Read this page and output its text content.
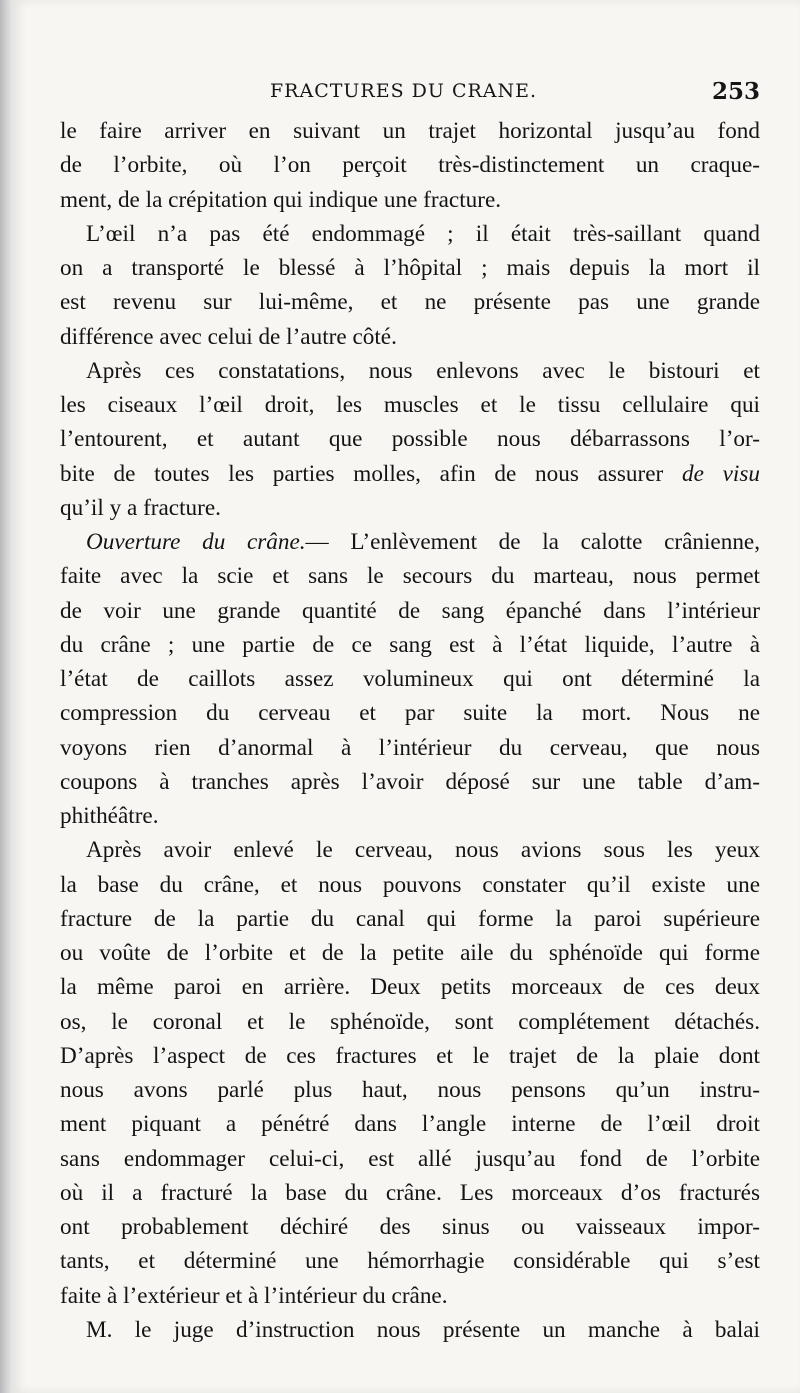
FRACTURES DU CRANE.	253

le faire arriver en suivant un trajet horizontal jusqu’au fond
de l’orbite, où l’on perçoit très-distinctement un craque-
ment, de la crépitation qui indique une fracture.

L’œil n’a pas été endommagé ; il était très-saillant quand
on a transporté le blessé à l’hôpital ; mais depuis la mort il
est revenu sur lui-même, et ne présente pas une grande
différence avec celui de l’autre côté.

Après ces constatations, nous enlevons avec le bistouri et
les ciseaux l’œil droit, les muscles et le tissu cellulaire qui
l’entourent, et autant que possible nous débarrassons l’or-
bite de toutes les parties molles, afin de nous assurer de visu
qu’il y a fracture.

Ouverture du crâne.— L’enlèvement de la calotte crânienne,
faite avec la scie et sans le secours du marteau, nous permet
de voir une grande quantité de sang épanché dans l’intérieur
du crâne ; une partie de ce sang est à l’état liquide, l’autre à
l’état de caillots assez volumineux qui ont déterminé la
compression du cerveau et par suite la mort. Nous ne
voyons rien d’anormal à l’intérieur du cerveau, que nous
coupons à tranches après l’avoir déposé sur une table d’am-
phithéâtre.

Après avoir enlevé le cerveau, nous avions sous les yeux
la base du crâne, et nous pouvons constater qu’il existe une
fracture de la partie du canal qui forme la paroi supérieure
ou voûte de l’orbite et de la petite aile du sphénoïde qui forme
la même paroi en arrière. Deux petits morceaux de ces deux
os, le coronal et le sphénoïde, sont complétement détachés.
D’après l’aspect de ces fractures et le trajet de la plaie dont
nous avons parlé plus haut, nous pensons qu’un instru-
ment piquant a pénétré dans l’angle interne de l’œil droit
sans endommager celui-ci, est allé jusqu’au fond de l’orbite
où il a fracturé la base du crâne. Les morceaux d’os fracturés
ont probablement déchiré des sinus ou vaisseaux impor-
tants, et déterminé une hémorrhagie considérable qui s’est
faite à l’extérieur et à l’intérieur du crâne.

M. le juge d’instruction nous présente un manche à balai
